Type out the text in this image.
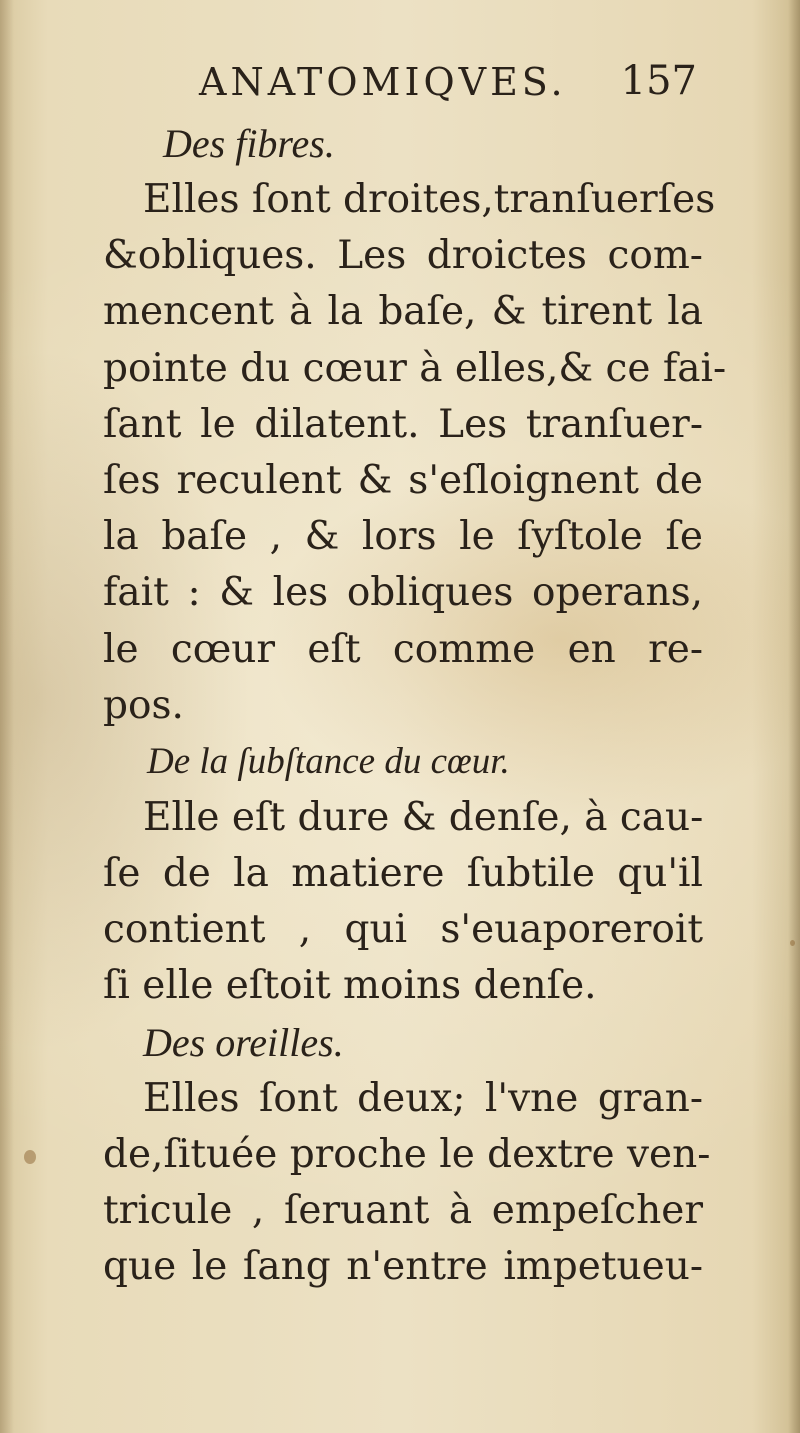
ANATOMIQVES. 157
Des fibres.
Elles ſont droites,tranſuerſes
&obliques. Les droictes com-
mencent à la baſe, & tirent la
pointe du cœur à elles,& ce fai-
ſant le dilatent. Les tranſuer-
ſes reculent & s'eſloignent de
la baſe , & lors le ſyſtole ſe
fait : & les obliques operans,
le cœur eſt comme en re-
pos.
De la ſubſtance du cœur.
Elle eſt dure & denſe, à cau-
ſe de la matiere ſubtile qu'il
contient , qui s'euaporeroit
ſi elle eſtoit moins denſe.
Des oreilles.
Elles ſont deux; l'vne gran-
de,ſituée proche le dextre ven-
tricule , ſeruant à empeſcher
que le ſang n'entre impetueu-
